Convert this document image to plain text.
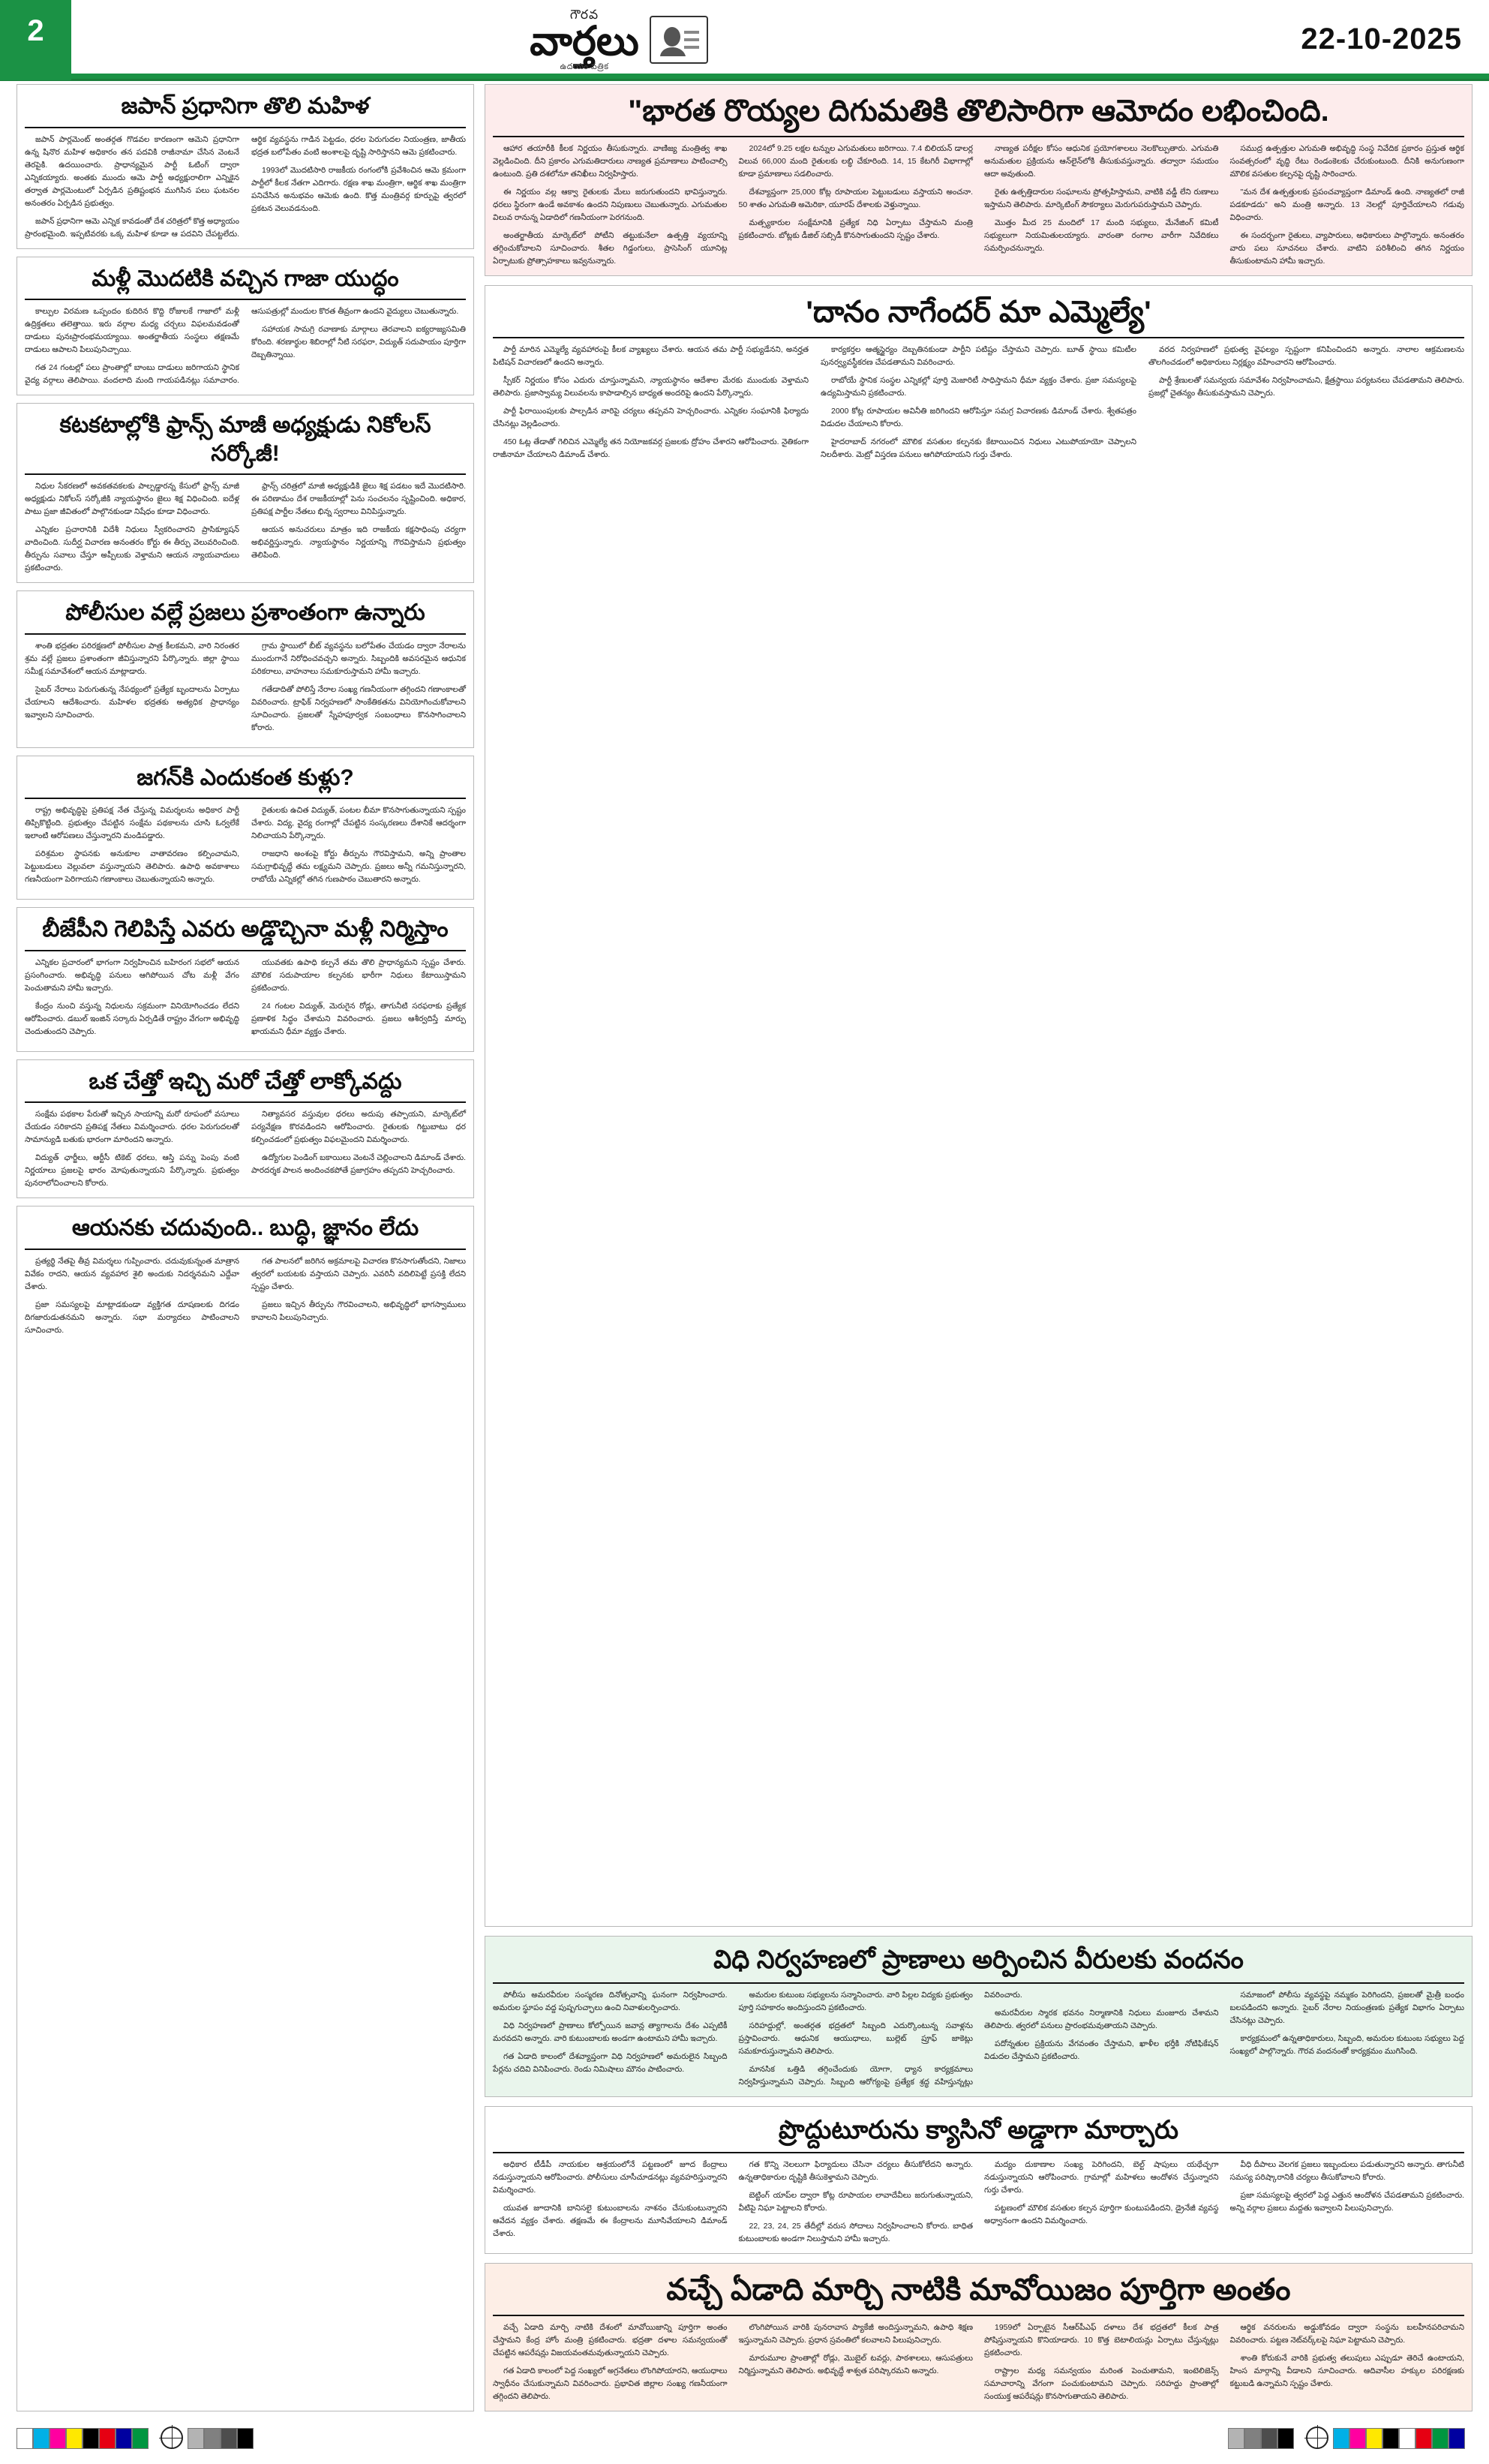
2	గౌరవ
వార్తలు
ఉదయం పత్రిక
22-10-2025
జపాన్ ప్రధానిగా తొలి మహిళ

జపాన్ పార్లమెంట్ అంతర్గత గొడవల కారణంగా ఆమెని ప్రధానిగా ఉన్న షినొర మహిళ అధికారం తన పదవికి రాజీనామా చేసిన వెంటనే తెరపైకి. ఉదయించారు. ప్రాధాన్యమైన పార్టీ ఓటింగ్ ద్వారా ఎన్నికయ్యారు. అంతకు ముందు ఆమె పార్టీ అధ్యక్షురాలిగా ఎన్నికైన తర్వాత పార్లమెంటులో ఏర్పడిన ప్రతిష్టంభన ముగిసిన పలు ఘటనల అనంతరం ఏర్పడిన ప్రభుత్వం.

జపాన్ ప్రధానిగా ఆమె ఎన్నిక కావడంతో దేశ చరిత్రలో కొత్త అధ్యాయం ప్రారంభమైంది. ఇప్పటివరకు ఒక్క మహిళ కూడా ఆ పదవిని చేపట్టలేదు. ఆర్థిక వ్యవస్థను గాడిన పెట్టడం, ధరల పెరుగుదల నియంత్రణ, జాతీయ భద్రత బలోపేతం వంటి అంశాలపై దృష్టి సారిస్తానని ఆమె ప్రకటించారు.

1993లో మొదటిసారి రాజకీయ రంగంలోకి ప్రవేశించిన ఆమె క్రమంగా పార్టీలో కీలక నేతగా ఎదిగారు. రక్షణ శాఖ మంత్రిగా, ఆర్థిక శాఖ మంత్రిగా పనిచేసిన అనుభవం ఆమెకు ఉంది. కొత్త మంత్రివర్గ కూర్పుపై త్వరలో ప్రకటన వెలువడనుంది.

మళ్లీ మొదటికి వచ్చిన గాజా యుద్ధం

కాల్పుల విరమణ ఒప్పందం కుదిరిన కొద్ది రోజులకే గాజాలో మళ్లీ ఉద్రిక్తతలు తలెత్తాయి. ఇరు వర్గాల మధ్య చర్చలు విఫలమవడంతో దాడులు పునఃప్రారంభమయ్యాయి. అంతర్జాతీయ సంస్థలు తక్షణమే దాడులు ఆపాలని పిలుపునిచ్చాయి.

గత 24 గంటల్లో పలు ప్రాంతాల్లో బాంబు దాడులు జరిగాయని స్థానిక వైద్య వర్గాలు తెలిపాయి. వందలాది మంది గాయపడినట్లు సమాచారం. ఆసుపత్రుల్లో మందుల కొరత తీవ్రంగా ఉందని వైద్యులు చెబుతున్నారు.

సహాయక సామగ్రి రవాణాకు మార్గాలు తెరవాలని ఐక్యరాజ్యసమితి కోరింది. శరణార్థుల శిబిరాల్లో నీటి సరఫరా, విద్యుత్ సదుపాయం పూర్తిగా దెబ్బతిన్నాయి.

కటకటాల్లోకి ఫ్రాన్స్ మాజీ అధ్యక్షుడు నికోలస్ సర్కోజీ!

నిధుల సేకరణలో అవకతవకలకు పాల్పడ్డారన్న కేసులో ఫ్రాన్స్ మాజీ అధ్యక్షుడు నికోలస్ సర్కోజీకి న్యాయస్థానం జైలు శిక్ష విధించింది. ఐదేళ్ల పాటు ప్రజా జీవితంలో పాల్గొనకుండా నిషేధం కూడా విధించారు.

ఎన్నికల ప్రచారానికి విదేశీ నిధులు స్వీకరించారని ప్రాసిక్యూషన్ వాదించింది. సుదీర్ఘ విచారణ అనంతరం కోర్టు ఈ తీర్పు వెలువరించింది. తీర్పును సవాలు చేస్తూ అప్పీలుకు వెళ్తామని ఆయన న్యాయవాదులు ప్రకటించారు.

ఫ్రాన్స్ చరిత్రలో మాజీ అధ్యక్షుడికి జైలు శిక్ష పడటం ఇదే మొదటిసారి. ఈ పరిణామం దేశ రాజకీయాల్లో పెను సంచలనం సృష్టించింది. అధికార, ప్రతిపక్ష పార్టీల నేతలు భిన్న స్వరాలు వినిపిస్తున్నారు.

ఆయన అనుచరులు మాత్రం ఇది రాజకీయ కక్షసాధింపు చర్యగా అభివర్ణిస్తున్నారు. న్యాయస్థానం నిర్ణయాన్ని గౌరవిస్తామని ప్రభుత్వం తెలిపింది.

పోలీసుల వల్లే ప్రజలు ప్రశాంతంగా ఉన్నారు

శాంతి భద్రతల పరిరక్షణలో పోలీసుల పాత్ర కీలకమని, వారి నిరంతర శ్రమ వల్లే ప్రజలు ప్రశాంతంగా జీవిస్తున్నారని పేర్కొన్నారు. జిల్లా స్థాయి సమీక్ష సమావేశంలో ఆయన మాట్లాడారు.

సైబర్ నేరాలు పెరుగుతున్న నేపథ్యంలో ప్రత్యేక బృందాలను ఏర్పాటు చేయాలని ఆదేశించారు. మహిళల భద్రతకు అత్యధిక ప్రాధాన్యం ఇవ్వాలని సూచించారు.

గ్రామ స్థాయిలో బీట్ వ్యవస్థను బలోపేతం చేయడం ద్వారా నేరాలను ముందుగానే నిరోధించవచ్చని అన్నారు. సిబ్బందికి అవసరమైన ఆధునిక పరికరాలు, వాహనాలు సమకూరుస్తామని హామీ ఇచ్చారు.

గతేడాదితో పోలిస్తే నేరాల సంఖ్య గణనీయంగా తగ్గిందని గణాంకాలతో వివరించారు. ట్రాఫిక్ నిర్వహణలో సాంకేతికతను వినియోగించుకోవాలని సూచించారు. ప్రజలతో స్నేహపూర్వక సంబంధాలు కొనసాగించాలని కోరారు.

జగన్‌కి ఎందుకంత కుళ్లు?

రాష్ట్ర అభివృద్ధిపై ప్రతిపక్ష నేత చేస్తున్న విమర్శలను అధికార పార్టీ తిప్పికొట్టింది. ప్రభుత్వం చేపట్టిన సంక్షేమ పథకాలను చూసి ఓర్వలేకే ఇలాంటి ఆరోపణలు చేస్తున్నారని మండిపడ్డారు.

పరిశ్రమల స్థాపనకు అనుకూల వాతావరణం కల్పించామని, పెట్టుబడులు వెల్లువలా వస్తున్నాయని తెలిపారు. ఉపాధి అవకాశాలు గణనీయంగా పెరిగాయని గణాంకాలు చెబుతున్నాయని అన్నారు.

రైతులకు ఉచిత విద్యుత్, పంటల బీమా కొనసాగుతున్నాయని స్పష్టం చేశారు. విద్య, వైద్య రంగాల్లో చేపట్టిన సంస్కరణలు దేశానికే ఆదర్శంగా నిలిచాయని పేర్కొన్నారు.

రాజధాని అంశంపై కోర్టు తీర్పును గౌరవిస్తామని, అన్ని ప్రాంతాల సమగ్రాభివృద్ధే తమ లక్ష్యమని చెప్పారు. ప్రజలు అన్నీ గమనిస్తున్నారని, రాబోయే ఎన్నికల్లో తగిన గుణపాఠం చెబుతారని అన్నారు.

బీజేపీని గెలిపిస్తే ఎవరు అడ్డొచ్చినా మళ్లీ నిర్మిస్తాం

ఎన్నికల ప్రచారంలో భాగంగా నిర్వహించిన బహిరంగ సభలో ఆయన ప్రసంగించారు. అభివృద్ధి పనులు ఆగిపోయిన చోట మళ్లీ వేగం పెంచుతామని హామీ ఇచ్చారు.

కేంద్రం నుంచి వస్తున్న నిధులను సక్రమంగా వినియోగించడం లేదని ఆరోపించారు. డబుల్ ఇంజిన్ సర్కారు ఏర్పడితే రాష్ట్రం వేగంగా అభివృద్ధి చెందుతుందని చెప్పారు.

యువతకు ఉపాధి కల్పనే తమ తొలి ప్రాధాన్యమని స్పష్టం చేశారు. మౌలిక సదుపాయాల కల్పనకు భారీగా నిధులు కేటాయిస్తామని ప్రకటించారు.

24 గంటల విద్యుత్, మెరుగైన రోడ్లు, తాగునీటి సరఫరాకు ప్రత్యేక ప్రణాళిక సిద్ధం చేశామని వివరించారు. ప్రజలు ఆశీర్వదిస్తే మార్పు ఖాయమని ధీమా వ్యక్తం చేశారు.

ఒక చేత్తో ఇచ్చి మరో చేత్తో లాక్కోవద్దు

సంక్షేమ పథకాల పేరుతో ఇచ్చిన సాయాన్ని మరో రూపంలో వసూలు చేయడం సరికాదని ప్రతిపక్ష నేతలు విమర్శించారు. ధరల పెరుగుదలతో సామాన్యుడి బతుకు భారంగా మారిందని అన్నారు.

విద్యుత్ ఛార్జీలు, ఆర్టీసీ టికెట్ ధరలు, ఆస్తి పన్ను పెంపు వంటి నిర్ణయాలు ప్రజలపై భారం మోపుతున్నాయని పేర్కొన్నారు. ప్రభుత్వం పునరాలోచించాలని కోరారు.

నిత్యావసర వస్తువుల ధరలు అదుపు తప్పాయని, మార్కెట్‌లో పర్యవేక్షణ కొరవడిందని ఆరోపించారు. రైతులకు గిట్టుబాటు ధర కల్పించడంలో ప్రభుత్వం విఫలమైందని విమర్శించారు.

ఉద్యోగుల పెండింగ్ బకాయిలు వెంటనే చెల్లించాలని డిమాండ్ చేశారు. పారదర్శక పాలన అందించకపోతే ప్రజాగ్రహం తప్పదని హెచ్చరించారు.

ఆయనకు చదువుంది.. బుద్ధి, జ్ఞానం లేదు

ప్రత్యర్థి నేతపై తీవ్ర విమర్శలు గుప్పించారు. చదువుకున్నంత మాత్రాన వివేకం రాదని, ఆయన వ్యవహార శైలి అందుకు నిదర్శనమని ఎద్దేవా చేశారు.

ప్రజా సమస్యలపై మాట్లాడకుండా వ్యక్తిగత దూషణలకు దిగడం దిగజారుడుతనమని అన్నారు. సభా మర్యాదలు పాటించాలని సూచించారు.

గత పాలనలో జరిగిన అక్రమాలపై విచారణ కొనసాగుతోందని, నిజాలు త్వరలో బయటకు వస్తాయని చెప్పారు. ఎవరినీ వదిలిపెట్టే ప్రసక్తి లేదని స్పష్టం చేశారు.

ప్రజలు ఇచ్చిన తీర్పును గౌరవించాలని, అభివృద్ధిలో భాగస్వాములు కావాలని పిలుపునిచ్చారు.

"భారత రొయ్యల దిగుమతికి తొలిసారిగా ఆమోదం లభించింది.

ఆహార తయారీకి కీలక నిర్ణయం తీసుకున్నారు. వాణిజ్య మంత్రిత్వ శాఖ వెల్లడించింది. దీని ప్రకారం ఎగుమతిదారులు నాణ్యత ప్రమాణాలు పాటించాల్సి ఉంటుంది. ప్రతి దశలోనూ తనిఖీలు నిర్వహిస్తారు.

ఈ నిర్ణయం వల్ల ఆక్వా రైతులకు మేలు జరుగుతుందని భావిస్తున్నారు. ధరలు స్థిరంగా ఉండే అవకాశం ఉందని నిపుణులు చెబుతున్నారు. ఎగుమతుల విలువ రానున్న ఏడాదిలో గణనీయంగా పెరగనుంది.

అంతర్జాతీయ మార్కెట్‌లో పోటీని తట్టుకునేలా ఉత్పత్తి వ్యయాన్ని తగ్గించుకోవాలని సూచించారు. శీతల గిడ్డంగులు, ప్రాసెసింగ్ యూనిట్ల ఏర్పాటుకు ప్రోత్సాహకాలు ఇవ్వనున్నారు.

2024లో 9.25 లక్షల టన్నుల ఎగుమతులు జరిగాయి. 7.4 బిలియన్ డాలర్ల విలువ 66,000 మంది రైతులకు లబ్ధి చేకూరింది. 14, 15 కేటగిరీ విభాగాల్లో కూడా ప్రమాణాలు సడలించారు.

దేశవ్యాప్తంగా 25,000 కోట్ల రూపాయల పెట్టుబడులు వస్తాయని అంచనా. 50 శాతం ఎగుమతి అమెరికా, యూరప్ దేశాలకు వెళ్తున్నాయి.

మత్స్యకారుల సంక్షేమానికి ప్రత్యేక నిధి ఏర్పాటు చేస్తామని మంత్రి ప్రకటించారు. బోట్లకు డీజిల్ సబ్సిడీ కొనసాగుతుందని స్పష్టం చేశారు.

నాణ్యత పరీక్షల కోసం ఆధునిక ప్రయోగశాలలు నెలకొల్పుతారు. ఎగుమతి అనుమతుల ప్రక్రియను ఆన్‌లైన్‌లోకి తీసుకువస్తున్నారు. తద్వారా సమయం ఆదా అవుతుంది.

రైతు ఉత్పత్తిదారుల సంఘాలను ప్రోత్సహిస్తామని, వాటికి వడ్డీ లేని రుణాలు ఇస్తామని తెలిపారు. మార్కెటింగ్ సౌకర్యాలు మెరుగుపరుస్తామని చెప్పారు.

మొత్తం మీద 25 మందిలో 17 మంది సభ్యులు, మేనేజింగ్ కమిటీ సభ్యులుగా నియమితులయ్యారు. వారంతా రంగాల వారీగా నివేదికలు సమర్పించనున్నారు.

సముద్ర ఉత్పత్తుల ఎగుమతి అభివృద్ధి సంస్థ నివేదిక ప్రకారం ప్రస్తుత ఆర్థిక సంవత్సరంలో వృద్ధి రేటు రెండంకెలకు చేరుకుంటుంది. దీనికి అనుగుణంగా మౌలిక వసతుల కల్పనపై దృష్టి సారించారు.

"మన దేశ ఉత్పత్తులకు ప్రపంచవ్యాప్తంగా డిమాండ్ ఉంది. నాణ్యతలో రాజీ పడకూడదు" అని మంత్రి అన్నారు. 13 నెలల్లో పూర్తిచేయాలని గడువు విధించారు.

ఈ సందర్భంగా రైతులు, వ్యాపారులు, అధికారులు పాల్గొన్నారు. అనంతరం వారు పలు సూచనలు చేశారు. వాటిని పరిశీలించి తగిన నిర్ణయం తీసుకుంటామని హామీ ఇచ్చారు.

'దానం నాగేందర్ మా ఎమ్మెల్యే'

పార్టీ మారిన ఎమ్మెల్యే వ్యవహారంపై కీలక వ్యాఖ్యలు చేశారు. ఆయన తమ పార్టీ సభ్యుడేనని, అనర్హత పిటిషన్ విచారణలో ఉందని అన్నారు.

స్పీకర్ నిర్ణయం కోసం ఎదురు చూస్తున్నామని, న్యాయస్థానం ఆదేశాల మేరకు ముందుకు వెళ్తామని తెలిపారు. ప్రజాస్వామ్య విలువలను కాపాడాల్సిన బాధ్యత అందరిపై ఉందని పేర్కొన్నారు.

పార్టీ ఫిరాయింపులకు పాల్పడిన వారిపై చర్యలు తప్పవని హెచ్చరించారు. ఎన్నికల సంఘానికి ఫిర్యాదు చేసినట్లు వెల్లడించారు.

450 ఓట్ల తేడాతో గెలిచిన ఎమ్మెల్యే తన నియోజకవర్గ ప్రజలకు ద్రోహం చేశారని ఆరోపించారు. నైతికంగా రాజీనామా చేయాలని డిమాండ్ చేశారు.

కార్యకర్తల ఆత్మస్థైర్యం దెబ్బతినకుండా పార్టీని పటిష్టం చేస్తామని చెప్పారు. బూత్ స్థాయి కమిటీల పునర్వ్యవస్థీకరణ చేపడతామని వివరించారు.

రాబోయే స్థానిక సంస్థల ఎన్నికల్లో పూర్తి మెజారిటీ సాధిస్తామని ధీమా వ్యక్తం చేశారు. ప్రజా సమస్యలపై ఉద్యమిస్తామని ప్రకటించారు.

2000 కోట్ల రూపాయల అవినీతి జరిగిందని ఆరోపిస్తూ సమగ్ర విచారణకు డిమాండ్ చేశారు. శ్వేతపత్రం విడుదల చేయాలని కోరారు.

హైదరాబాద్ నగరంలో మౌలిక వసతుల కల్పనకు కేటాయించిన నిధులు ఎటుపోయాయో చెప్పాలని నిలదీశారు. మెట్రో విస్తరణ పనులు ఆగిపోయాయని గుర్తు చేశారు.

వరద నిర్వహణలో ప్రభుత్వ వైఫల్యం స్పష్టంగా కనిపించిందని అన్నారు. నాలాల ఆక్రమణలను తొలగించడంలో అధికారులు నిర్లక్ష్యం వహించారని ఆరోపించారు.

పార్టీ శ్రేణులతో సమన్వయ సమావేశం నిర్వహించామని, క్షేత్రస్థాయి పర్యటనలు చేపడతామని తెలిపారు. ప్రజల్లో చైతన్యం తీసుకువస్తామని చెప్పారు.

విధి నిర్వహణలో ప్రాణాలు అర్పించిన వీరులకు వందనం

పోలీసు అమరవీరుల సంస్మరణ దినోత్సవాన్ని ఘనంగా నిర్వహించారు. అమరుల స్థూపం వద్ద పుష్పగుచ్ఛాలు ఉంచి నివాళులర్పించారు.

విధి నిర్వహణలో ప్రాణాలు కోల్పోయిన జవాన్ల త్యాగాలను దేశం ఎప్పటికీ మరవదని అన్నారు. వారి కుటుంబాలకు అండగా ఉంటామని హామీ ఇచ్చారు.

గత ఏడాది కాలంలో దేశవ్యాప్తంగా విధి నిర్వహణలో అమరులైన సిబ్బంది పేర్లను చదివి వినిపించారు. రెండు నిమిషాలు మౌనం పాటించారు.

అమరుల కుటుంబ సభ్యులను సన్మానించారు. వారి పిల్లల విద్యకు ప్రభుత్వం పూర్తి సహకారం అందిస్తుందని ప్రకటించారు.

సరిహద్దుల్లో, అంతర్గత భద్రతలో సిబ్బంది ఎదుర్కొంటున్న సవాళ్లను ప్రస్తావించారు. ఆధునిక ఆయుధాలు, బుల్లెట్ ప్రూఫ్ జాకెట్లు సమకూరుస్తున్నామని తెలిపారు.

మానసిక ఒత్తిడి తగ్గించేందుకు యోగా, ధ్యాన కార్యక్రమాలు నిర్వహిస్తున్నామని చెప్పారు. సిబ్బంది ఆరోగ్యంపై ప్రత్యేక శ్రద్ధ వహిస్తున్నట్లు వివరించారు.

అమరవీరుల స్మారక భవనం నిర్మాణానికి నిధులు మంజూరు చేశామని తెలిపారు. త్వరలో పనులు ప్రారంభమవుతాయని చెప్పారు.

పదోన్నతుల ప్రక్రియను వేగవంతం చేస్తామని, ఖాళీల భర్తీకి నోటిఫికేషన్ విడుదల చేస్తామని ప్రకటించారు.

సమాజంలో పోలీసు వ్యవస్థపై నమ్మకం పెరిగిందని, ప్రజలతో మైత్రీ బంధం బలపడిందని అన్నారు. సైబర్ నేరాల నియంత్రణకు ప్రత్యేక విభాగం ఏర్పాటు చేసినట్లు చెప్పారు.

కార్యక్రమంలో ఉన్నతాధికారులు, సిబ్బంది, అమరుల కుటుంబ సభ్యులు పెద్ద సంఖ్యలో పాల్గొన్నారు. గౌరవ వందనంతో కార్యక్రమం ముగిసింది.

ప్రొద్దుటూరును క్యాసినో అడ్డాగా మార్చారు

అధికార టీడీపీ నాయకుల ఆశ్రయంలోనే పట్టణంలో జూద కేంద్రాలు నడుస్తున్నాయని ఆరోపించారు. పోలీసులు చూసీచూడనట్లు వ్యవహరిస్తున్నారని విమర్శించారు.

యువత జూదానికి బానిసలై కుటుంబాలను నాశనం చేసుకుంటున్నారని ఆవేదన వ్యక్తం చేశారు. తక్షణమే ఈ కేంద్రాలను మూసివేయాలని డిమాండ్ చేశారు.

గత కొన్ని నెలలుగా ఫిర్యాదులు చేసినా చర్యలు తీసుకోలేదని అన్నారు. ఉన్నతాధికారుల దృష్టికి తీసుకెళ్తామని చెప్పారు.

బెట్టింగ్ యాప్‌ల ద్వారా కోట్ల రూపాయల లావాదేవీలు జరుగుతున్నాయని, వీటిపై నిఘా పెట్టాలని కోరారు.

22, 23, 24, 25 తేదీల్లో వరుస సోదాలు నిర్వహించాలని కోరారు. బాధిత కుటుంబాలకు అండగా నిలుస్తామని హామీ ఇచ్చారు.

మద్యం దుకాణాల సంఖ్య పెరిగిందని, బెల్ట్ షాపులు యథేచ్ఛగా నడుస్తున్నాయని ఆరోపించారు. గ్రామాల్లో మహిళలు ఆందోళన చేస్తున్నారని గుర్తు చేశారు.

పట్టణంలో మౌలిక వసతుల కల్పన పూర్తిగా కుంటుపడిందని, డ్రైనేజీ వ్యవస్థ అధ్వానంగా ఉందని విమర్శించారు.

వీధి దీపాలు వెలగక ప్రజలు ఇబ్బందులు పడుతున్నారని అన్నారు. తాగునీటి సమస్య పరిష్కారానికి చర్యలు తీసుకోవాలని కోరారు.

ప్రజా సమస్యలపై త్వరలో పెద్ద ఎత్తున ఆందోళన చేపడతామని ప్రకటించారు. అన్ని వర్గాల ప్రజలు మద్దతు ఇవ్వాలని పిలుపునిచ్చారు.

వచ్చే ఏడాది మార్చి నాటికి మావోయిజం పూర్తిగా అంతం

వచ్చే ఏడాది మార్చి నాటికి దేశంలో మావోయిజాన్ని పూర్తిగా అంతం చేస్తామని కేంద్ర హోం మంత్రి ప్రకటించారు. భద్రతా దళాల సమన్వయంతో చేపట్టిన ఆపరేషన్లు విజయవంతమవుతున్నాయని చెప్పారు.

గత ఏడాది కాలంలో పెద్ద సంఖ్యలో అగ్రనేతలు లొంగిపోయారని, ఆయుధాలు స్వాధీనం చేసుకున్నామని వివరించారు. ప్రభావిత జిల్లాల సంఖ్య గణనీయంగా తగ్గిందని తెలిపారు.

లొంగిపోయిన వారికి పునరావాస ప్యాకేజీ అందిస్తున్నామని, ఉపాధి శిక్షణ ఇస్తున్నామని చెప్పారు. ప్రధాన స్రవంతిలో కలవాలని పిలుపునిచ్చారు.

మారుమూల ప్రాంతాల్లో రోడ్లు, మొబైల్ టవర్లు, పాఠశాలలు, ఆసుపత్రులు నిర్మిస్తున్నామని తెలిపారు. అభివృద్ధే శాశ్వత పరిష్కారమని అన్నారు.

1959లో ఏర్పాటైన సీఆర్‌పీఎఫ్ దళాలు దేశ భద్రతలో కీలక పాత్ర పోషిస్తున్నాయని కొనియాడారు. 10 కొత్త బెటాలియన్లు ఏర్పాటు చేస్తున్నట్లు ప్రకటించారు.

రాష్ట్రాల మధ్య సమన్వయం మరింత పెంచుతామని, ఇంటెలిజెన్స్ సమాచారాన్ని వేగంగా పంచుకుంటామని చెప్పారు. సరిహద్దు ప్రాంతాల్లో సంయుక్త ఆపరేషన్లు కొనసాగుతాయని తెలిపారు.

ఆర్థిక వనరులను అడ్డుకోవడం ద్వారా సంస్థను బలహీనపరిచామని వివరించారు. పట్టణ నెట్‌వర్క్‌లపై నిఘా పెట్టామని చెప్పారు.

శాంతి కోరుకునే వారికి ప్రభుత్వ తలుపులు ఎప్పుడూ తెరిచే ఉంటాయని, హింస మార్గాన్ని వీడాలని సూచించారు. ఆదివాసీల హక్కుల పరిరక్షణకు కట్టుబడి ఉన్నామని స్పష్టం చేశారు.
